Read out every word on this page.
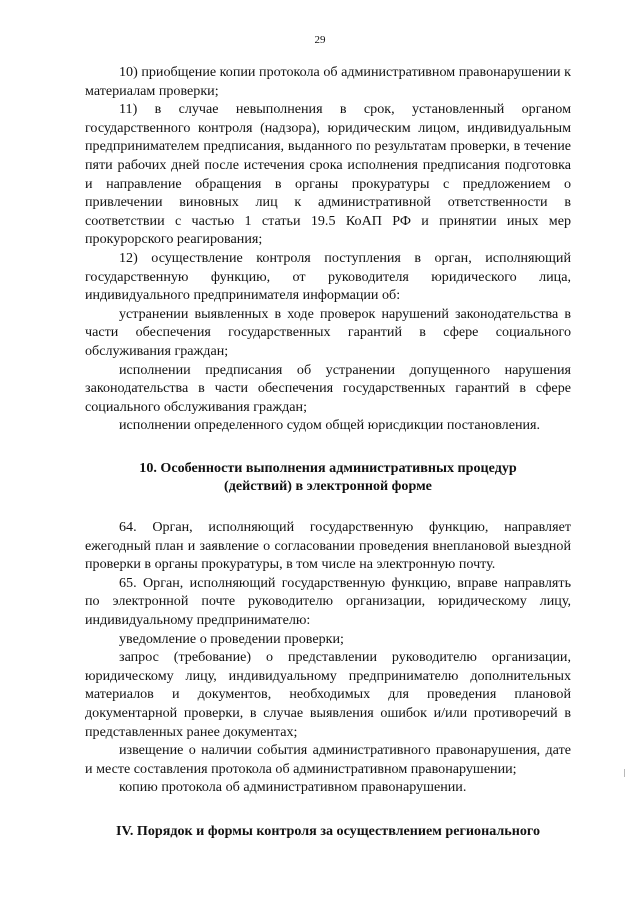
29

10) приобщение копии протокола об административном правонарушении к материалам проверки;

11) в случае невыполнения в срок, установленный органом государственного контроля (надзора), юридическим лицом, индивидуальным предпринимателем предписания, выданного по результатам проверки, в течение пяти рабочих дней после истечения срока исполнения предписания подготовка и направление обращения в органы прокуратуры с предложением о привлечении виновных лиц к административной ответственности в соответствии с частью 1 статьи 19.5 КоАП РФ и принятии иных мер прокурорского реагирования;

12) осуществление контроля поступления в орган, исполняющий государственную функцию, от руководителя юридического лица, индивидуального предпринимателя информации об:

устранении выявленных в ходе проверок нарушений законодательства в части обеспечения государственных гарантий в сфере социального обслуживания граждан;

исполнении предписания об устранении допущенного нарушения законодательства в части обеспечения государственных гарантий в сфере социального обслуживания граждан;

исполнении определенного судом общей юрисдикции постановления.

10. Особенности выполнения административных процедур
(действий) в электронной форме

64. Орган, исполняющий государственную функцию, направляет ежегодный план и заявление о согласовании проведения внеплановой выездной проверки в органы прокуратуры, в том числе на электронную почту.

65. Орган, исполняющий государственную функцию, вправе направлять по электронной почте руководителю организации, юридическому лицу, индивидуальному предпринимателю:

уведомление о проведении проверки;

запрос (требование) о представлении руководителю организации, юридическому лицу, индивидуальному предпринимателю дополнительных материалов и документов, необходимых для проведения плановой документарной проверки, в случае выявления ошибок и/или противоречий в представленных ранее документах;

извещение о наличии события административного правонарушения, дате и месте составления протокола об административном правонарушении;

копию протокола об административном правонарушении.

IV. Порядок и формы контроля за осуществлением регионального
